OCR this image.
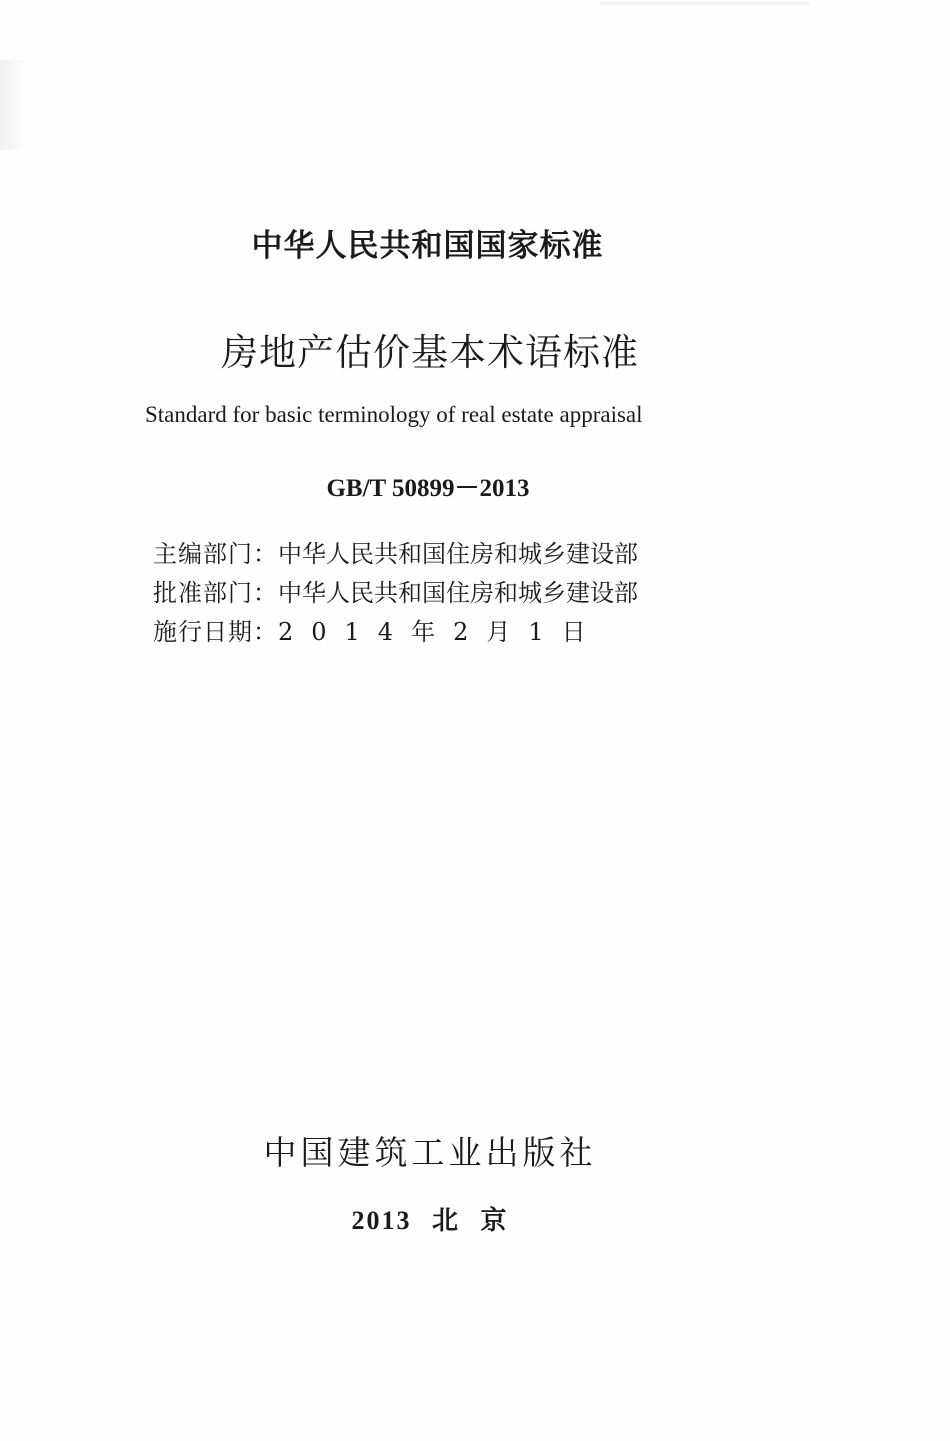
中华人民共和国国家标准
房地产估价基本术语标准
Standard for basic terminology of real estate appraisal
GB/T 50899－2013
主编部门：中华人民共和国住房和城乡建设部
批准部门：中华人民共和国住房和城乡建设部
施行日期：2014年2月1日
中国建筑工业出版社
2013 北 京
